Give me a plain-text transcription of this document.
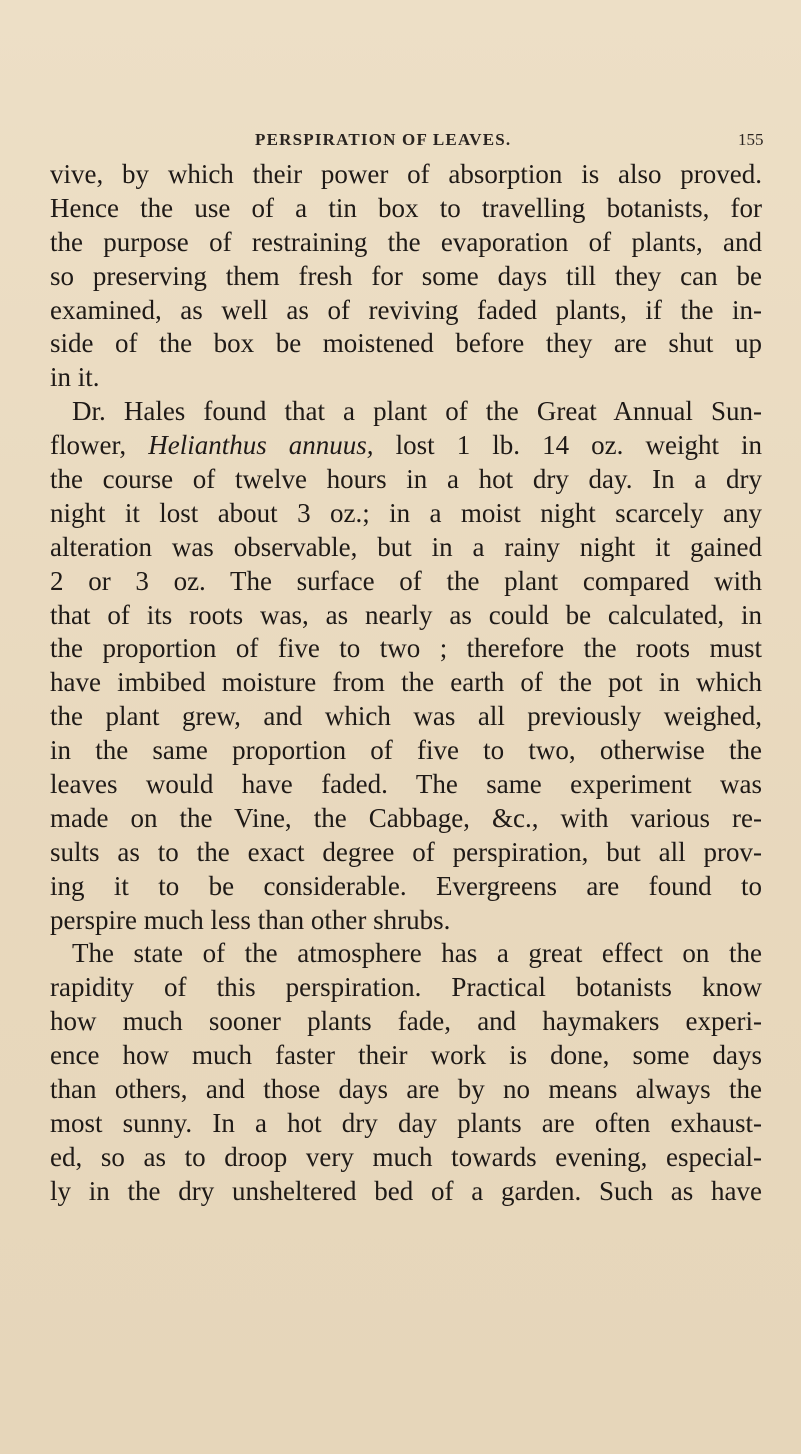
PERSPIRATION OF LEAVES.	155
vive, by which their power of absorption is also proved.
Hence the use of a tin box to travelling botanists, for
the purpose of restraining the evaporation of plants, and
so preserving them fresh for some days till they can be
examined, as well as of reviving faded plants, if the in-
side of the box be moistened before they are shut up
in it.
Dr. Hales found that a plant of the Great Annual Sun-
flower, Helianthus annuus, lost 1 lb. 14 oz. weight in
the course of twelve hours in a hot dry day. In a dry
night it lost about 3 oz.; in a moist night scarcely any
alteration was observable, but in a rainy night it gained
2 or 3 oz. The surface of the plant compared with
that of its roots was, as nearly as could be calculated, in
the proportion of five to two ; therefore the roots must
have imbibed moisture from the earth of the pot in which
the plant grew, and which was all previously weighed,
in the same proportion of five to two, otherwise the
leaves would have faded. The same experiment was
made on the Vine, the Cabbage, &c., with various re-
sults as to the exact degree of perspiration, but all prov-
ing it to be considerable. Evergreens are found to
perspire much less than other shrubs.
The state of the atmosphere has a great effect on the
rapidity of this perspiration. Practical botanists know
how much sooner plants fade, and haymakers experi-
ence how much faster their work is done, some days
than others, and those days are by no means always the
most sunny. In a hot dry day plants are often exhaust-
ed, so as to droop very much towards evening, especial-
ly in the dry unsheltered bed of a garden. Such as have
